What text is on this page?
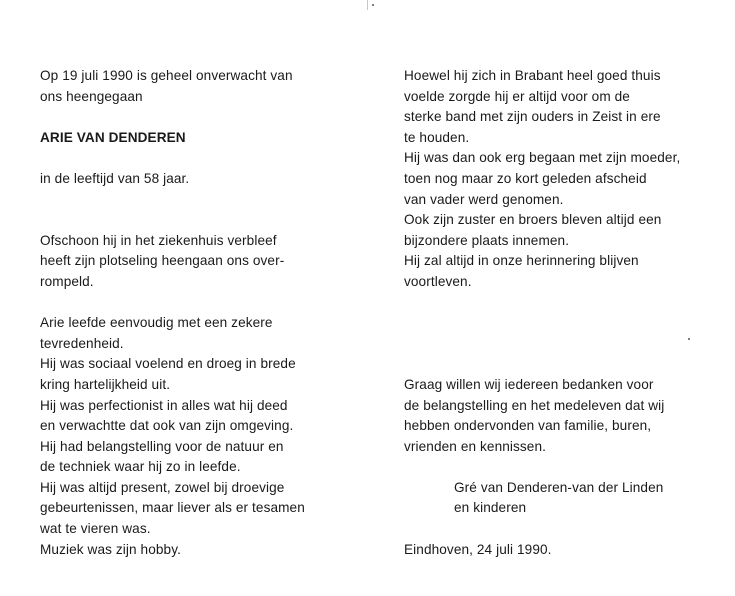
Op 19 juli 1990 is geheel onverwacht van
ons heengegaan
ARIE VAN DENDEREN
in de leeftijd van 58 jaar.
Ofschoon hij in het ziekenhuis verbleef
heeft zijn plotseling heengaan ons over-
rompeld.
Arie leefde eenvoudig met een zekere
tevredenheid.
Hij was sociaal voelend en droeg in brede
kring hartelijkheid uit.
Hij was perfectionist in alles wat hij deed
en verwachtte dat ook van zijn omgeving.
Hij had belangstelling voor de natuur en
de techniek waar hij zo in leefde.
Hij was altijd present, zowel bij droevige
gebeurtenissen, maar liever als er tesamen
wat te vieren was.
Muziek was zijn hobby.
Hoewel hij zich in Brabant heel goed thuis
voelde zorgde hij er altijd voor om de
sterke band met zijn ouders in Zeist in ere
te houden.
Hij was dan ook erg begaan met zijn moeder,
toen nog maar zo kort geleden afscheid
van vader werd genomen.
Ook zijn zuster en broers bleven altijd een
bijzondere plaats innemen.
Hij zal altijd in onze herinnering blijven
voortleven.
Graag willen wij iedereen bedanken voor
de belangstelling en het medeleven dat wij
hebben ondervonden van familie, buren,
vrienden en kennissen.
Gré van Denderen-van der Linden
en kinderen
Eindhoven, 24 juli 1990.
